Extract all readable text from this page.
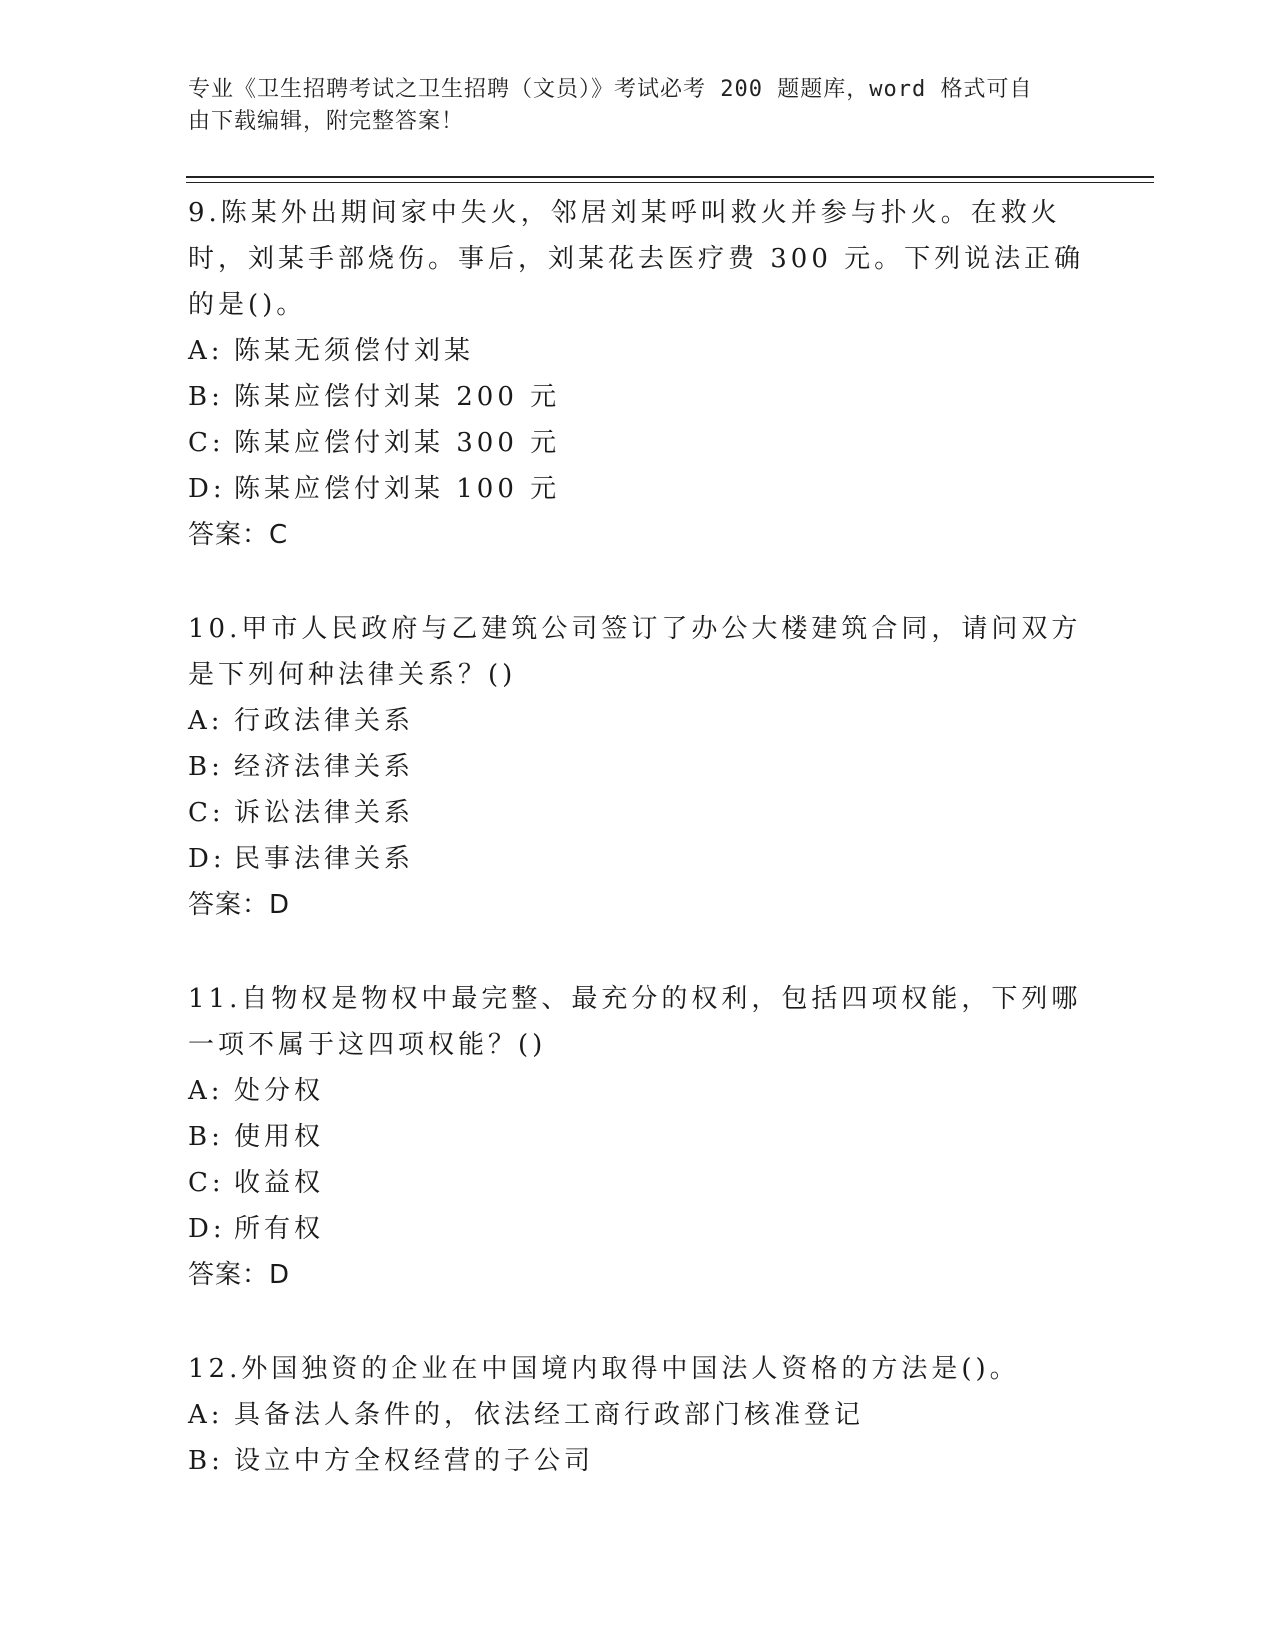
专业《卫生招聘考试之卫生招聘（文员）》考试必考 200 题题库，word 格式可自
由下载编辑，附完整答案！

9.陈某外出期间家中失火，邻居刘某呼叫救火并参与扑火。在救火时，刘某手部烧伤。事后，刘某花去医疗费 300 元。下列说法正确的是()。

A: 陈某无须偿付刘某

B: 陈某应偿付刘某 200 元

C: 陈某应偿付刘某 300 元

D: 陈某应偿付刘某 100 元

答案：C

10.甲市人民政府与乙建筑公司签订了办公大楼建筑合同，请问双方是下列何种法律关系？()

A: 行政法律关系

B: 经济法律关系

C: 诉讼法律关系

D: 民事法律关系

答案：D

11.自物权是物权中最完整、最充分的权利，包括四项权能，下列哪一项不属于这四项权能？()

A: 处分权

B: 使用权

C: 收益权

D: 所有权

答案：D

12.外国独资的企业在中国境内取得中国法人资格的方法是()。

A: 具备法人条件的，依法经工商行政部门核准登记

B: 设立中方全权经营的子公司
